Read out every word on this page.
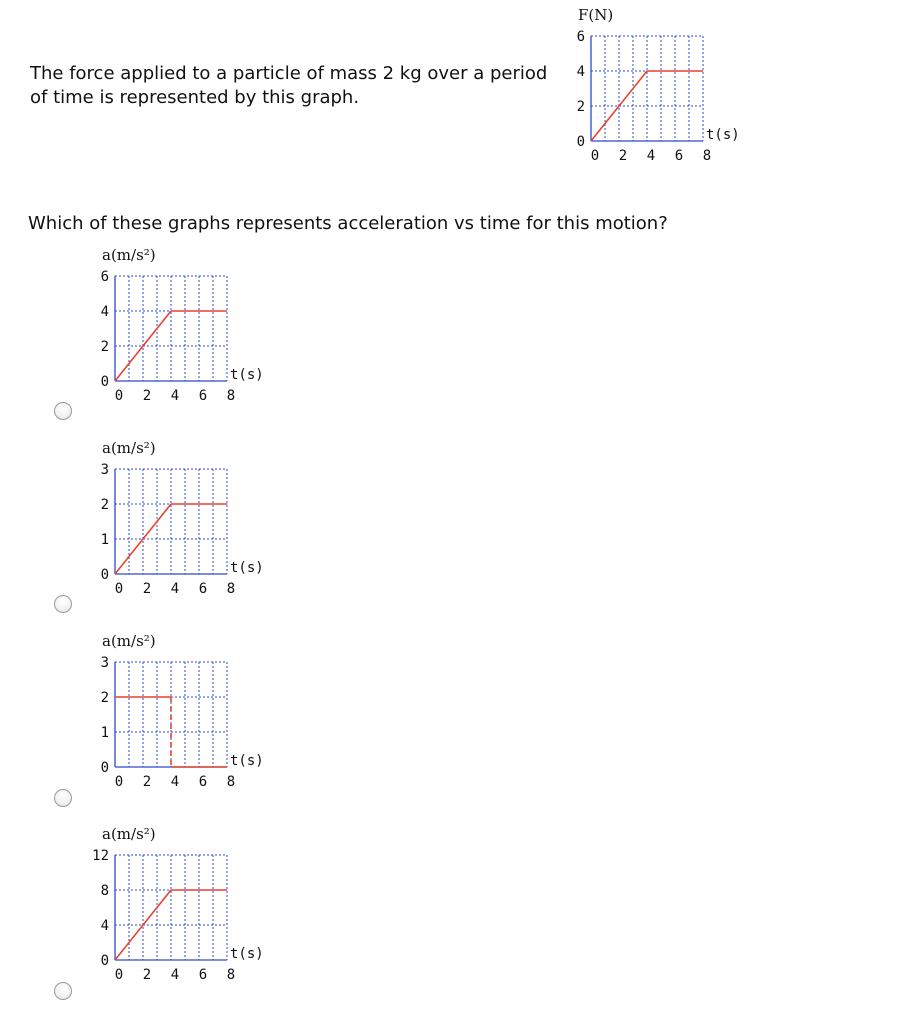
The force applied to a particle of mass 2 kg over a period of time is represented by this graph.

Which of these graphs represents acceleration vs time for this motion?

F(N)
0
2
4
6
0 2 4 6 8
t(s)
a(m/s²)
0
2
4
6
0 2 4 6 8
t(s)
a(m/s²)
0
1
2
3
0 2 4 6 8
t(s)
a(m/s²)
0
1
2
3
0 2 4 6 8
t(s)
a(m/s²)
0
4
8
12
0 2 4 6 8
t(s)
